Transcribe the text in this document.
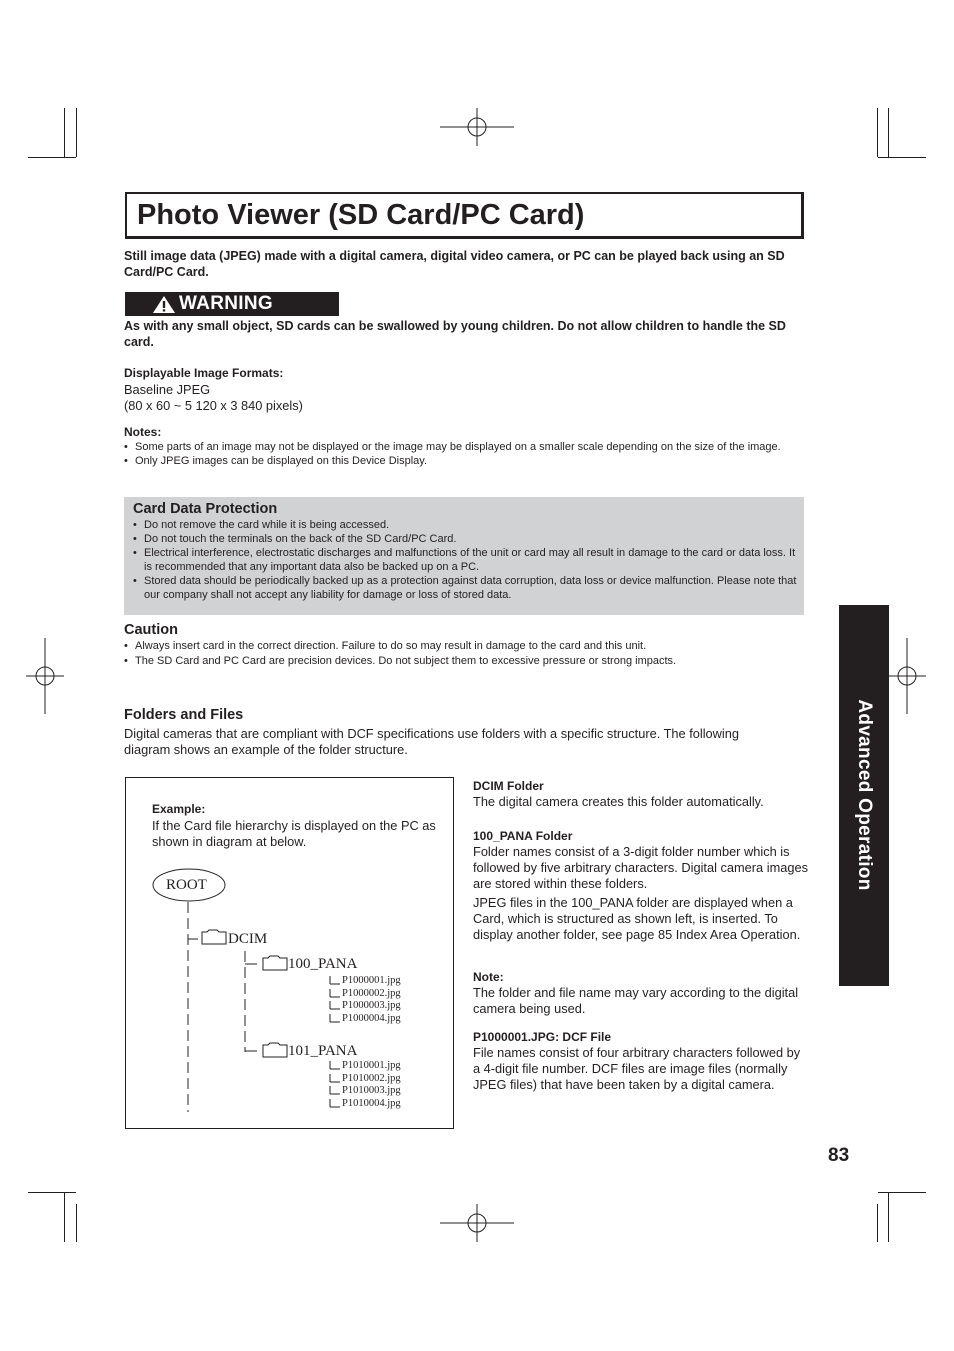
Photo Viewer (SD Card/PC Card)
Still image data (JPEG) made with a digital camera, digital video camera, or PC can be played back using an SD Card/PC Card.
WARNING
As with any small object, SD cards can be swallowed by young children. Do not allow children to handle the SD card.
Displayable Image Formats:
Baseline JPEG
(80 x 60 ~ 5 120 x 3 840 pixels)
Notes:
• Some parts of an image may not be displayed or the image may be displayed on a smaller scale depending on the size of the image.
• Only JPEG images can be displayed on this Device Display.
Card Data Protection
• Do not remove the card while it is being accessed.
• Do not touch the terminals on the back of the SD Card/PC Card.
• Electrical interference, electrostatic discharges and malfunctions of the unit or card may all result in damage to the card or data loss. It is recommended that any important data also be backed up on a PC.
• Stored data should be periodically backed up as a protection against data corruption, data loss or device malfunction. Please note that our company shall not accept any liability for damage or loss of stored data.
Caution
• Always insert card in the correct direction. Failure to do so may result in damage to the card and this unit.
• The SD Card and PC Card are precision devices. Do not subject them to excessive pressure or strong impacts.
Advanced Operation
Folders and Files
Digital cameras that are compliant with DCF specifications use folders with a specific structure. The following diagram shows an example of the folder structure.
Example:
If the Card file hierarchy is displayed on the PC as shown in diagram at below.
ROOT
DCIM
100_PANA
101_PANA
P1000001.jpg
P1000002.jpg
P1000003.jpg
P1000004.jpg
P1010001.jpg
P1010002.jpg
P1010003.jpg
P1010004.jpg
DCIM Folder
The digital camera creates this folder automatically.
100_PANA Folder
Folder names consist of a 3-digit folder number which is followed by five arbitrary characters. Digital camera images are stored within these folders.
JPEG files in the 100_PANA folder are displayed when a Card, which is structured as shown left, is inserted. To display another folder, see page 85 Index Area Operation.
Note:
The folder and file name may vary according to the digital camera being used.
P1000001.JPG: DCF File
File names consist of four arbitrary characters followed by a 4-digit file number. DCF files are image files (normally JPEG files) that have been taken by a digital camera.
83
